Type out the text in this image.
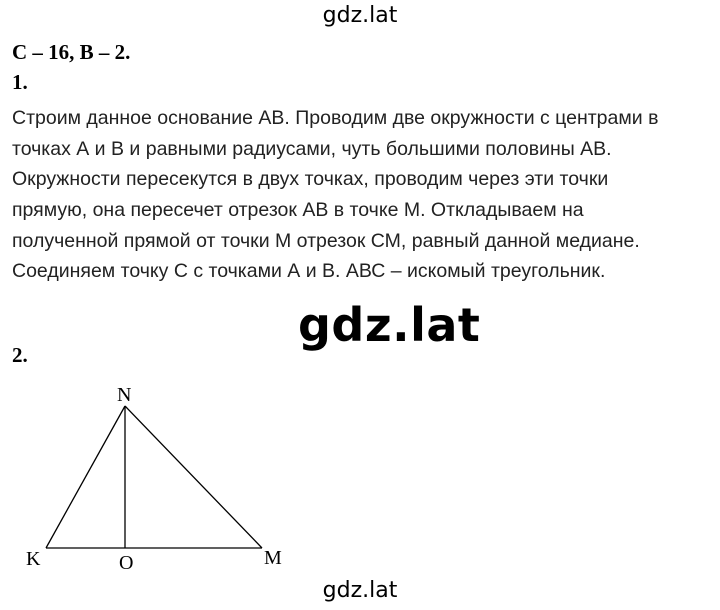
gdz.lat
С – 16, В – 2.
1.
Строим данное основание АВ. Проводим две окружности с центрами в
точках А и В и равными радиусами, чуть большими половины АВ.
Окружности пересекутся в двух точках, проводим через эти точки
прямую, она пересечет отрезок АВ в точке М. Откладываем на
полученной прямой от точки М отрезок СМ, равный данной медиане.
Соединяем точку С с точками А и В. АВС – искомый треугольник.
gdz.lat
2.
N
K	O	M
gdz.lat
